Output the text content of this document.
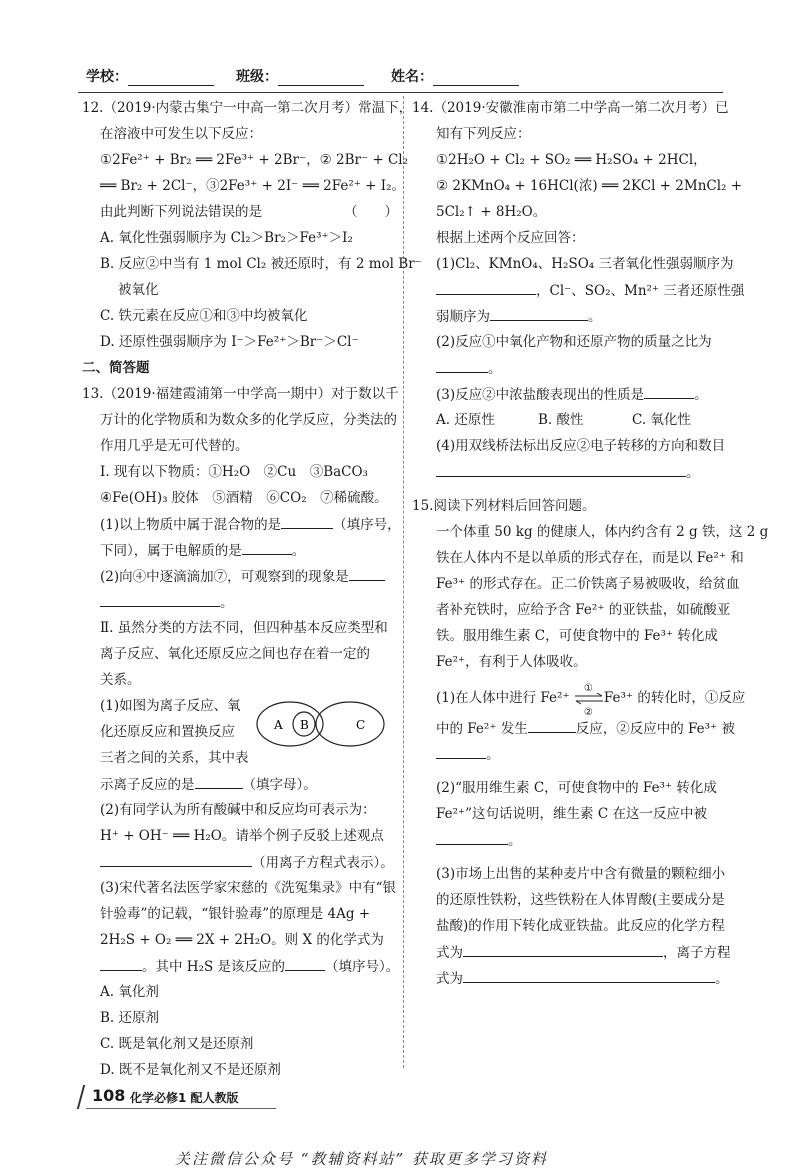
学校：	班级：	姓名：
12.（2019·内蒙古集宁一中高一第二次月考）常温下，
在溶液中可发生以下反应：
①2Fe²⁺ + Br₂ ══ 2Fe³⁺ + 2Br⁻，② 2Br⁻ + Cl₂
══ Br₂ + 2Cl⁻，③2Fe³⁺ + 2I⁻ ══ 2Fe²⁺ + I₂。
由此判断下列说法错误的是	（　　）
A. 氧化性强弱顺序为 Cl₂＞Br₂＞Fe³⁺＞I₂
B. 反应②中当有 1 mol Cl₂ 被还原时，有 2 mol Br⁻
被氧化
C. 铁元素在反应①和③中均被氧化
D. 还原性强弱顺序为 I⁻＞Fe²⁺＞Br⁻＞Cl⁻
二、简答题
13.（2019·福建霞浦第一中学高一期中）对于数以千
万计的化学物质和为数众多的化学反应，分类法的
作用几乎是无可代替的。
Ⅰ. 现有以下物质：①H₂O　②Cu　③BaCO₃
④Fe(OH)₃ 胶体　⑤酒精　⑥CO₂　⑦稀硫酸。
(1)以上物质中属于混合物的是	（填序号，
下同），属于电解质的是	。
(2)向④中逐滴滴加⑦，可观察到的现象是
。
Ⅱ. 虽然分类的方法不同，但四种基本反应类型和
离子反应、氧化还原反应之间也存在着一定的
关系。
(1)如图为离子反应、氧
化还原反应和置换反应
三者之间的关系，其中表
示离子反应的是	（填字母）。
A B	C
(2)有同学认为所有酸碱中和反应均可表示为：
H⁺ + OH⁻ ══ H₂O。请举个例子反驳上述观点
（用离子方程式表示）。
(3)宋代著名法医学家宋慈的《洗冤集录》中有“银
针验毒”的记载，“银针验毒”的原理是 4Ag +
2H₂S + O₂ ══ 2X + 2H₂O。则 X 的化学式为
。其中 H₂S 是该反应的	（填序号）。
A. 氧化剂
B. 还原剂
C. 既是氧化剂又是还原剂
D. 既不是氧化剂又不是还原剂
14.（2019·安徽淮南市第二中学高一第二次月考）已
知有下列反应：
①2H₂O + Cl₂ + SO₂ ══ H₂SO₄ + 2HCl，
② 2KMnO₄ + 16HCl(浓) ══ 2KCl + 2MnCl₂ +
5Cl₂↑ + 8H₂O。
根据上述两个反应回答：
(1)Cl₂、KMnO₄、H₂SO₄ 三者氧化性强弱顺序为
，Cl⁻、SO₂、Mn²⁺ 三者还原性强
弱顺序为	。
(2)反应①中氧化产物和还原产物的质量之比为
。
(3)反应②中浓盐酸表现出的性质是	。
A. 还原性	B. 酸性	C. 氧化性
(4)用双线桥法标出反应②电子转移的方向和数目
。
15.阅读下列材料后回答问题。
一个体重 50 kg 的健康人，体内约含有 2 g 铁，这 2 g
铁在人体内不是以单质的形式存在，而是以 Fe²⁺ 和
Fe³⁺ 的形式存在。正二价铁离子易被吸收，给贫血
者补充铁时，应给予含 Fe²⁺ 的亚铁盐，如硫酸亚
铁。服用维生素 C，可使食物中的 Fe³⁺ 转化成
Fe²⁺，有利于人体吸收。
(1)在人体中进行 Fe²⁺
①
②
Fe³⁺ 的转化时，①反应
中的 Fe²⁺ 发生	反应，②反应中的 Fe³⁺ 被
。
(2)“服用维生素 C，可使食物中的 Fe³⁺ 转化成
Fe²⁺”这句话说明，维生素 C 在这一反应中被
。
(3)市场上出售的某种麦片中含有微量的颗粒细小
的还原性铁粉，这些铁粉在人体胃酸(主要成分是
盐酸)的作用下转化成亚铁盐。此反应的化学方程
式为	，离子方程
式为	。
108 化学必修1 配人教版
关注微信公众号 “教辅资料站” 获取更多学习资料
